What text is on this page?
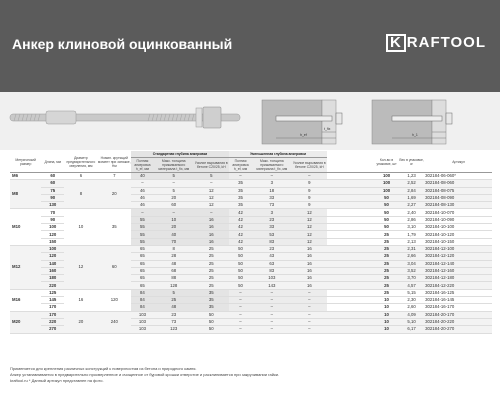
Анкер клиновой оцинкованный	K RAFTOOL
h_ef
t_fix
h_1
Метрический размер	Длина, мм	Диаметр предварительного сверления, мм	Номин. крутящий момент при затяжке, Нм	Стандартная глубина анкеровки			Уменьшенная глубина анкеровки				Кол-во в упаковке, шт	Вес в упаковке, кг	Артикул
				Полная анкеровка h_ef, мм	Макс. толщина прижимаемого материала t_fix, мм	Усилие вырывания в бетоне C20/25, kH	Полная анкеровка h_ef, мм	Макс. толщина прижимаемого материала t_fix, мм	Усилие вырывания в бетоне C20/25, kH				
M6	60	6	7	40	5	5	–	–	–		100	1,23	302184-06-060*
M8	60	8	20	–	–	–	35	3	9		100	2,52	302184-08-060
	75			46	5	12	35	18	9		100	2,84	302184-08-075
	90			46	20	12	35	33	9		50	1,69	302184-08-090
	130			46	60	12	35	73	9		50	2,27	302184-08-130
M10	70	10	35	–	–	–	42	3	12		50	2,40	302184-10-070
	90			55	10	16	42	23	12		50	2,86	302184-10-090
	100			55	20	16	42	33	12		50	3,10	302184-10-100
	120			55	40	16	42	53	12		25	1,79	302184-10-120
	150			55	70	16	42	83	12		25	2,13	302184-10-150
M12	100	12	60	65	8	25	50	23	16		25	2,31	302184-12-100
	120			65	28	25	50	43	16		25	2,66	302184-12-120
	140			65	48	25	50	63	16		25	3,04	302184-12-140
	160			65	68	25	50	83	16		25	3,52	302184-12-160
	180			65	88	25	50	103	16		25	3,70	302184-12-180
	220			65	128	25	50	143	16		25	4,57	302184-12-220
M16	125	16	120	84	5	35	–	–	–		25	5,15	302184-16-125
	145			84	25	35	–	–	–		10	2,30	302184-16-145
	170			84	48	35	–	–	–		10	2,60	302184-16-170
M20	170	20	240	103	23	50	–	–	–		10	4,09	302184-20-170
	220			103	73	50	–	–	–		10	5,10	302184-20-220
	270			103	123	50	–	–	–		10	6,17	302184-20-270
Применяется для крепления различных конструкций к поверхностям из бетона и природного камня.
Анкер устанавливается в предварительно просверленное и очищенное от буровой крошки отверстие и расклинивается при закручивании гайки.
kraftool.ru * Данный артикул представлен на фото.
